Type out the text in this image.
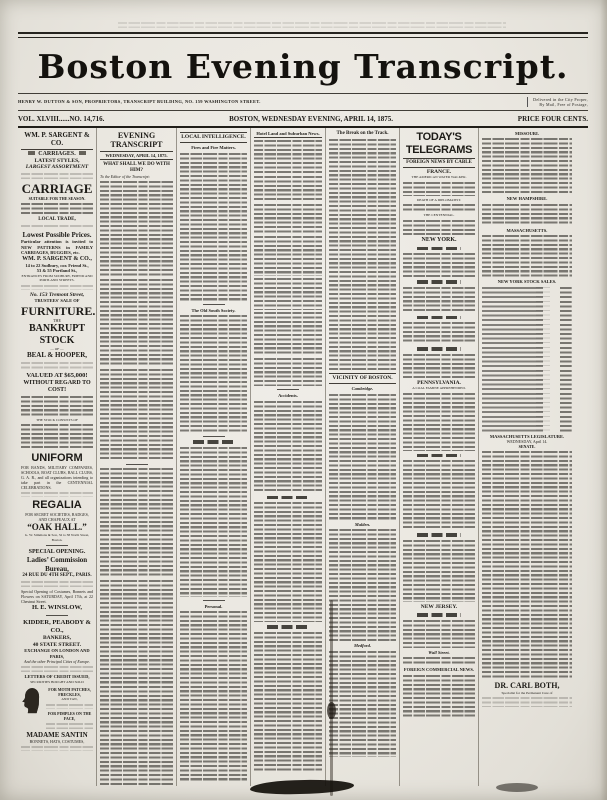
Boston Evening Transcript.
HENRY W. DUTTON & SON, PROPRIETORS, TRANSCRIPT BUILDING, NO. 159 WASHINGTON STREET.	Delivered in the City Proper,
By Mail, Free of Postage,
VOL. XLVIII......NO. 14,716.	BOSTON, WEDNESDAY EVENING, APRIL 14, 1875.	PRICE FOUR CENTS.
WM. P. SARGENT & CO.
CARRIAGES.
LATEST STYLES,
LARGEST ASSORTMENT
CARRIAGE
SUITABLE FOR THE SEASON.
LOCAL TRADE,
Lowest Possible Prices.
Particular attention is invited to NEW PATTERNS in FAMILY CARRIAGES, BUGGIES, etc.
WM. P. SARGENT & CO.,
14 to 22 Sudbury, cor. Friend St.,
53 & 55 Portland St.,
ENTRANCES FROM SUDBURY, FRIEND AND PORTLAND STREETS.
No. 153 Tremont Street,
TRUSTEES' SALE OF
FURNITURE.
THE
BANKRUPT STOCK
— OF —
BEAL & HOOPER,
VALUED AT $65,000!
WITHOUT REGARD TO COST!
THE STOCK CONSISTS OF
UNIFORM
FOR BANDS, MILITARY COMPANIES, SCHOOLS, BOAT CLUBS, BALL CLUBS, G. A. R., and all organizations intending to take part in the CENTENNIAL CELEBRATIONS.
REGALIA
FOR SECRET SOCIETIES, BADGES, AND CHAPEAUX AT
“OAK HALL.”
G. W. Simmons & Son, 32 to 38 North Street, Boston.
SPECIAL OPENING.
Ladies’ Commission Bureau,
24 RUE DU 4TH SEPT., PARIS.
Special Opening of Costumes, Bonnets and Flowers on SATURDAY, April 17th, at 22 Chestnut Street.
H. E. WINSLOW,
KIDDER, PEABODY & CO.,
BANKERS,
40 STATE STREET.
EXCHANGE ON LONDON AND PARIS,
And the other Principal Cities of Europe.
LETTERS OF CREDIT ISSUED,
SECURITIES BOUGHT AND SOLD
FOR MOTH PATCHES, FRECKLES,
AND TAN,
FOR PIMPLES ON THE FACE,
MADAME SANTIN
BONNETS, HATS, COSTUMES,
EVENING TRANSCRIPT
WEDNESDAY, APRIL 14, 1875.
WHAT SHALL WE DO WITH HIM?
To the Editor of the Transcript:
LOCAL INTELLIGENCE.
Fires and Fire Matters.
The Old South Society.
Personal.
Hotel Land and Suburban News.
Accidents.
The Break on the Track.
VICINITY OF BOSTON.
Cambridge.
Malden.
Medford.
TODAY'S TELEGRAMS
FOREIGN NEWS BY CABLE
FRANCE.
THE AMERICAN WATER WALKER.
DEATH OF A DIPLOMATIST.
THE CENTENNIAL.
NEW YORK.
PENNSYLVANIA.
A COAL FAMINE APPREHENDED.
NEW JERSEY.
Wall Street.
FOREIGN COMMERCIAL NEWS.
MISSOURI.
NEW HAMPSHIRE.
MASSACHUSETTS.
NEW YORK STOCK SALES.
MASSACHUSETTS LEGISLATURE.
WEDNESDAY, April 14.
SENATE.
DR. CARL BOTH,
Specialist for the Permanent Cure of
